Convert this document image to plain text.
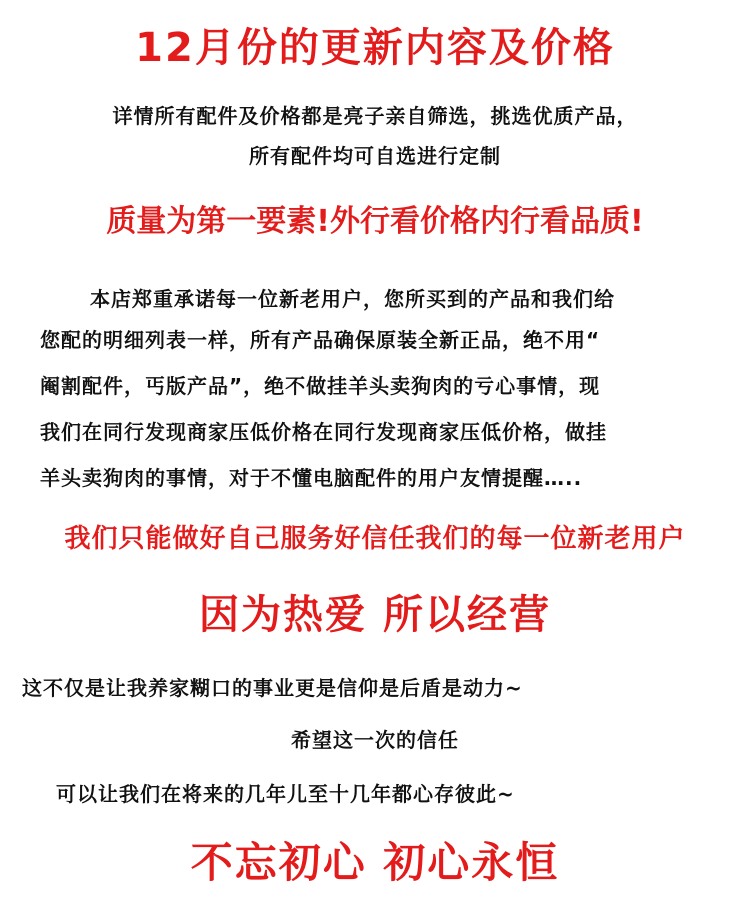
12月份的更新内容及价格
详情所有配件及价格都是亮子亲自筛选，挑选优质产品，
所有配件均可自选进行定制
质量为第一要素!外行看价格内行看品质!
本店郑重承诺每一位新老用户，您所买到的产品和我们给
您配的明细列表一样，所有产品确保原装全新正品，绝不用“
阉割配件，丐版产品”，绝不做挂羊头卖狗肉的亏心事情，现
我们在同行发现商家压低价格在同行发现商家压低价格，做挂
羊头卖狗肉的事情，对于不懂电脑配件的用户友情提醒…..
我们只能做好自己服务好信任我们的每一位新老用户
因为热爱 所以经营
这不仅是让我养家糊口的事业更是信仰是后盾是动力~
希望这一次的信任
可以让我们在将来的几年儿至十几年都心存彼此~
不忘初心 初心永恒
